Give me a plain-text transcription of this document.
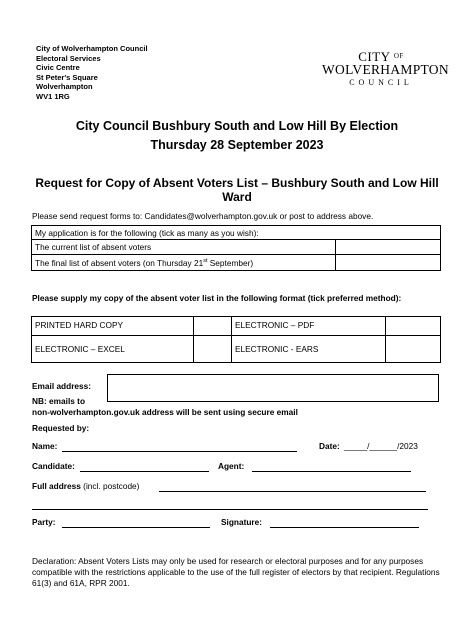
City of Wolverhampton Council
Electoral Services
Civic Centre
St Peter's Square
Wolverhampton
WV1 1RG
CITY $^{OF}$
WOLVERHAMPTON
COUNCIL
City Council Bushbury South and Low Hill By Election
Thursday 28 September 2023
Request for Copy of Absent Voters List – Bushbury South and Low Hill Ward
Please send request forms to: Candidates@wolverhampton.gov.uk or post to address above.
My application is for the following (tick as many as you wish):	
The current list of absent voters	
The final list of absent voters (on Thursday 21st September)	
Please supply my copy of the absent voter list in the following format (tick preferred method):
PRINTED HARD COPY		ELECTRONIC – PDF	
ELECTRONIC – EXCEL		ELECTRONIC - EARS	
Email address:
NB: emails to
non-wolverhampton.gov.uk address will be sent using secure email
Requested by:
Name:	Date: _____/______/2023
Candidate:	Agent:
Full address (incl. postcode)
Party:	Signature:
Declaration: Absent Voters Lists may only be used for research or electoral purposes and for any purposes compatible with the restrictions applicable to the use of the full register of electors by that recipient. Regulations 61(3) and 61A, RPR 2001.
